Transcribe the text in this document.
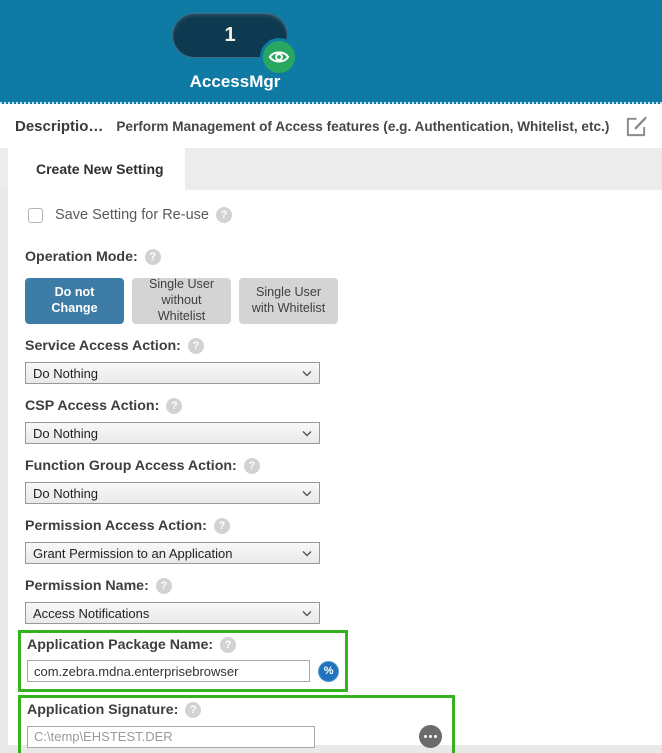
1
AccessMgr
Descriptio… Perform Management of Access features (e.g. Authentication, Whitelist, etc.)
Create New Setting
Save Setting for Re-use	?
Operation Mode:	?
Do not Change
Single User without Whitelist
Single User with Whitelist
Service Access Action:	?
Do Nothing
CSP Access Action:	?
Do Nothing
Function Group Access Action:	?
Do Nothing
Permission Access Action:	?
Grant Permission to an Application
Permission Name:	?
Access Notifications
Application Package Name:	?
com.zebra.mdna.enterprisebrowser
%
Application Signature:	?
C:\temp\EHSTEST.DER
